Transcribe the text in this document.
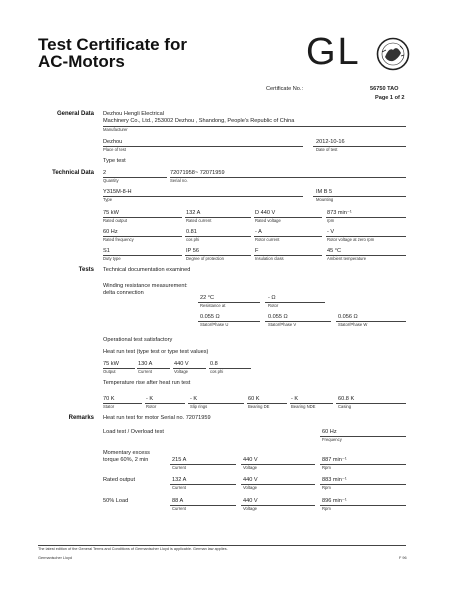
Test Certificate for
AC-Motors	GL
Certificate No.:	56750 TAO
Page 1 of 2
General Data Dezhou Hengli Electrical
Machinery Co., Ltd., 253002 Dezhou , Shandong, People's Republic of China
Manufacturer
Dezhou	2012-10-16
Place of test	Date of test
Type test
Technical Data 2	72071958~ 72071959
Quantity	Serial no.
Y315M-8-H	IM B 5
Type	Mounting
75 kW	132 A	D 440 V	873 min⁻¹
Rated output	Rated current	Rated voltage	rpm
60 Hz	0.81	- A	- V
Rated frequency	cos phi	Rotor current	Rotor voltage at zero rpm
S1	IP 56	F	45 °C
Duty type	Degree of protection	Insulation class	Ambient temperature
Tests Technical documentation examined
Winding resistance measurement:
delta connection
22 °C	- Ω
Resistance at	Rotor
0.055 Ω	0.055 Ω	0.056 Ω
Stator/Phase U	Stator/Phase V	Stator/Phase W
Operational test satisfactory
Heat run test (type test or type test values)
75 kW	130 A	440 V	0.8
Output	Current	Voltage	cos phi
Temperature rise after heat run test
70 K	- K	- K	60 K	- K	60.8 K
Stator	Rotor	Slip rings	Bearing DE	Bearing NDE	Casing
Remarks Heat run test for motor Serial no. 72071959
Load test / Overload test	60 Hz
Frequency
Momentary excess
torque 60%, 2 min	215 A	440 V	887 min⁻¹
Current	Voltage	Rpm
Rated output	132 A	440 V	883 min⁻¹
Current	Voltage	Rpm
50% Load	88 A	440 V	896 min⁻¹
Current	Voltage	Rpm
The latest edition of the General Terms and Conditions of Germanischer Lloyd is applicable. German law applies.
Germanischer Lloyd	F 96
